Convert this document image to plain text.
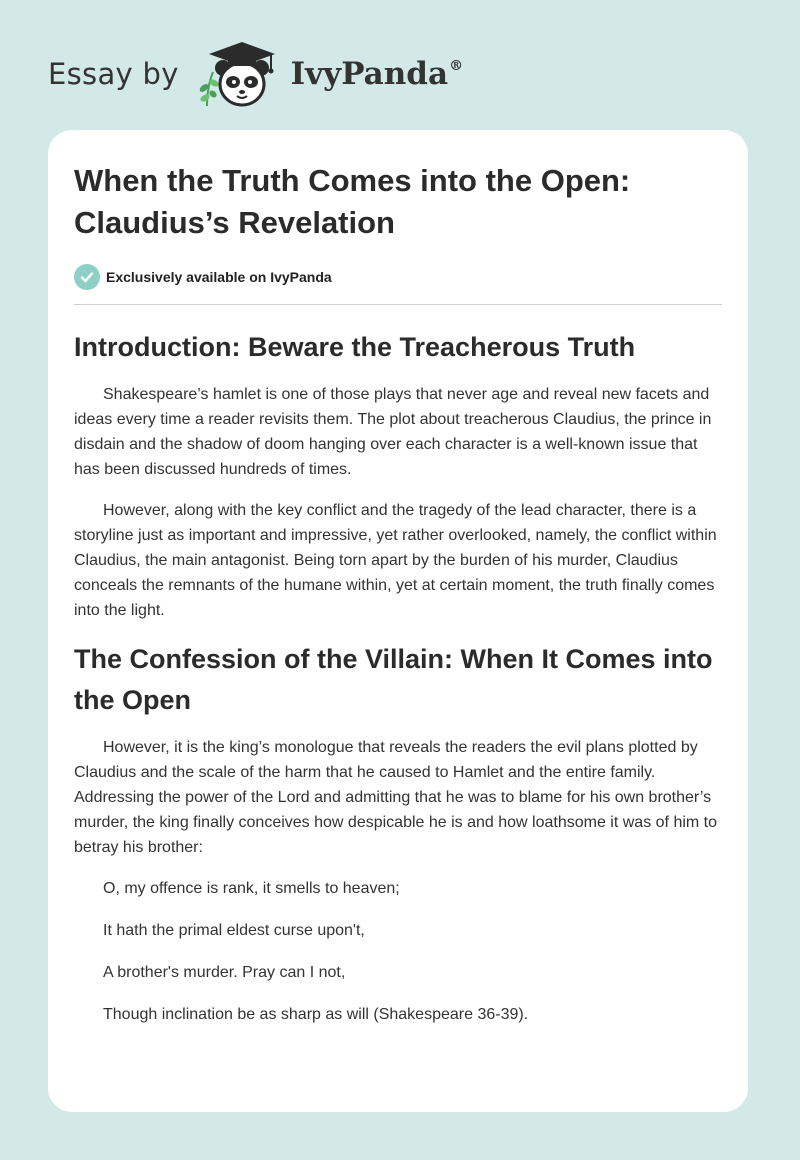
Essay by	IvyPanda®
When the Truth Comes into the Open: Claudius’s Revelation
Exclusively available on IvyPanda
Introduction: Beware the Treacherous Truth

Shakespeare’s hamlet is one of those plays that never age and reveal new facets and ideas every time a reader revisits them. The plot about treacherous Claudius, the prince in disdain and the shadow of doom hanging over each character is a well-known issue that has been discussed hundreds of times.

However, along with the key conflict and the tragedy of the lead character, there is a storyline just as important and impressive, yet rather overlooked, namely, the conflict within Claudius, the main antagonist. Being torn apart by the burden of his murder, Claudius conceals the remnants of the humane within, yet at certain moment, the truth finally comes into the light.

The Confession of the Villain: When It Comes into the Open

However, it is the king’s monologue that reveals the readers the evil plans plotted by Claudius and the scale of the harm that he caused to Hamlet and the entire family. Addressing the power of the Lord and admitting that he was to blame for his own brother’s murder, the king finally conceives how despicable he is and how loathsome it was of him to betray his brother:

O, my offence is rank, it smells to heaven;

It hath the primal eldest curse upon't,

A brother's murder. Pray can I not,

Though inclination be as sharp as will (Shakespeare 36-39).
